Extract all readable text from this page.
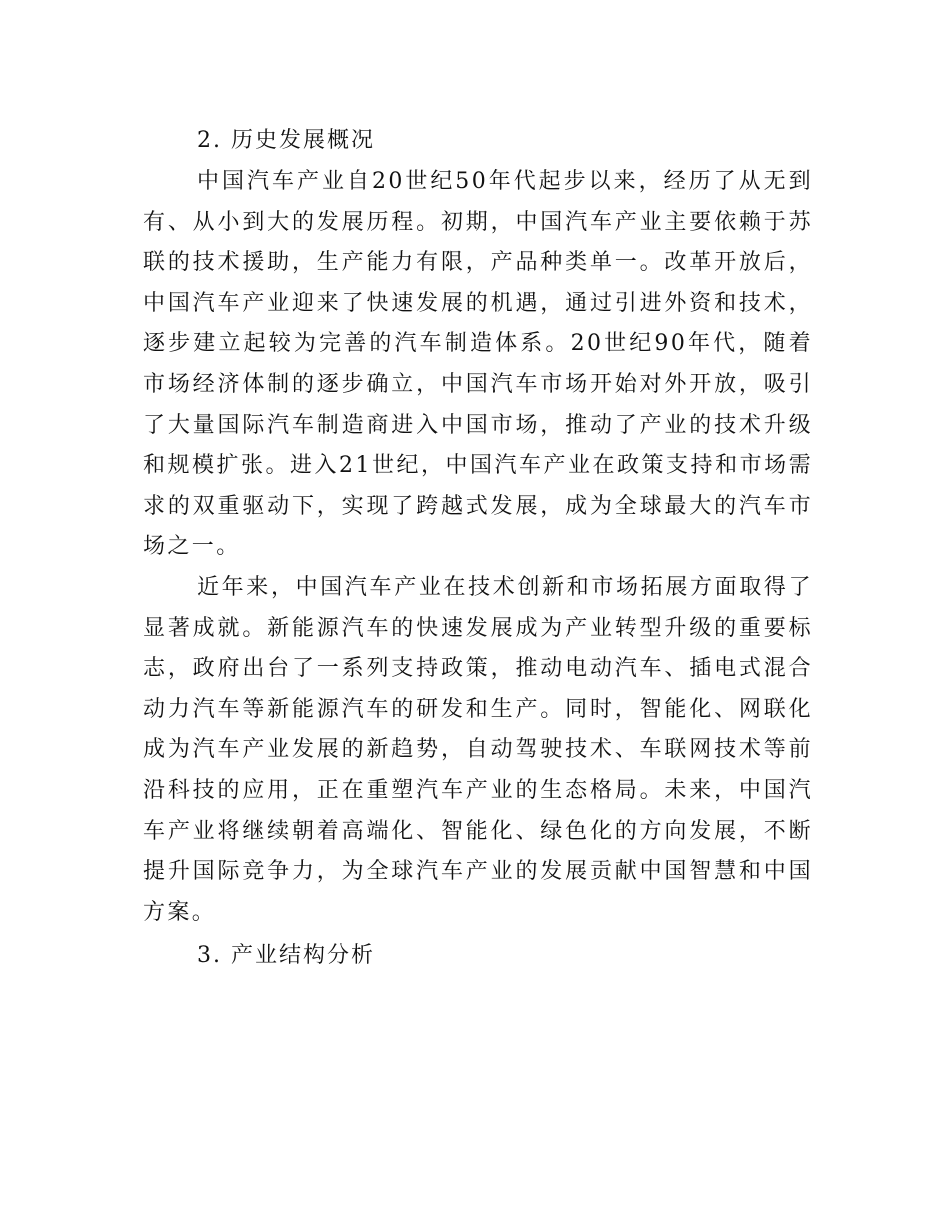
2. 历史发展概况

中国汽车产业自20世纪50年代起步以来，经历了从无到有、从小到大的发展历程。初期，中国汽车产业主要依赖于苏联的技术援助，生产能力有限，产品种类单一。改革开放后，中国汽车产业迎来了快速发展的机遇，通过引进外资和技术，逐步建立起较为完善的汽车制造体系。20世纪90年代，随着市场经济体制的逐步确立，中国汽车市场开始对外开放，吸引了大量国际汽车制造商进入中国市场，推动了产业的技术升级和规模扩张。进入21世纪，中国汽车产业在政策支持和市场需求的双重驱动下，实现了跨越式发展，成为全球最大的汽车市场之一。

近年来，中国汽车产业在技术创新和市场拓展方面取得了显著成就。新能源汽车的快速发展成为产业转型升级的重要标志，政府出台了一系列支持政策，推动电动汽车、插电式混合动力汽车等新能源汽车的研发和生产。同时，智能化、网联化成为汽车产业发展的新趋势，自动驾驶技术、车联网技术等前沿科技的应用，正在重塑汽车产业的生态格局。未来，中国汽车产业将继续朝着高端化、智能化、绿色化的方向发展，不断提升国际竞争力，为全球汽车产业的发展贡献中国智慧和中国方案。

3. 产业结构分析
